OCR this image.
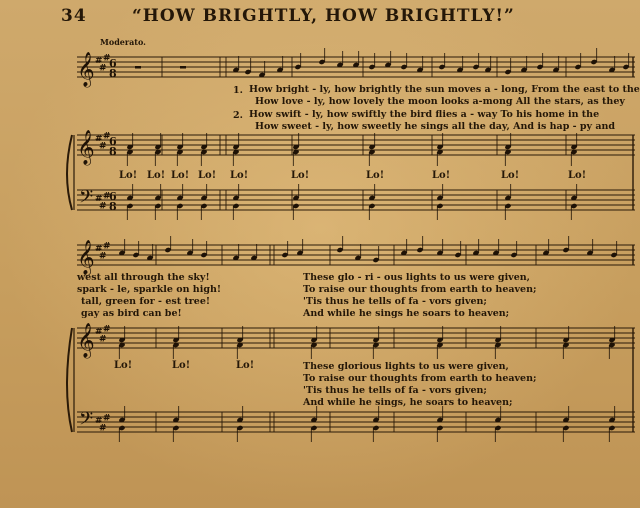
34	“HOW BRIGHTLY, HOW BRIGHTLY!”
Moderato.
𝄞 #
#
#
6
8
𝄞 #
#
#
6
8
𝄢 #
#
#
6
8
𝄞 #
#
#
𝄞 #
#
#
𝄢 #
#
#
1.
2.
How bright - ly, how brightly the sun moves a - long, From the east to the
How love - ly, how lovely the moon looks a-mong All the stars, as they
How swift - ly, how swiftly the bird flies a - way To his home in the
How sweet - ly, how sweetly he sings all the day, And is hap - py and
Lo! Lo! Lo! Lo! Lo!	Lo!	Lo!	Lo!	Lo!	Lo!
west all through the sky!
spark - le, sparkle on high!
tall, green for - est tree!
gay as bird can be!
These glo - ri - ous lights to us were given,
To raise our thoughts from earth to heaven;
'Tis thus he tells of fa - vors given;
And while he sings he soars to heaven;
Lo!	Lo!	Lo!	These glorious lights to us were given,
To raise our thoughts from earth to heaven;
'Tis thus he tells of fa - vors given;
And while he sings, he soars to heaven;
